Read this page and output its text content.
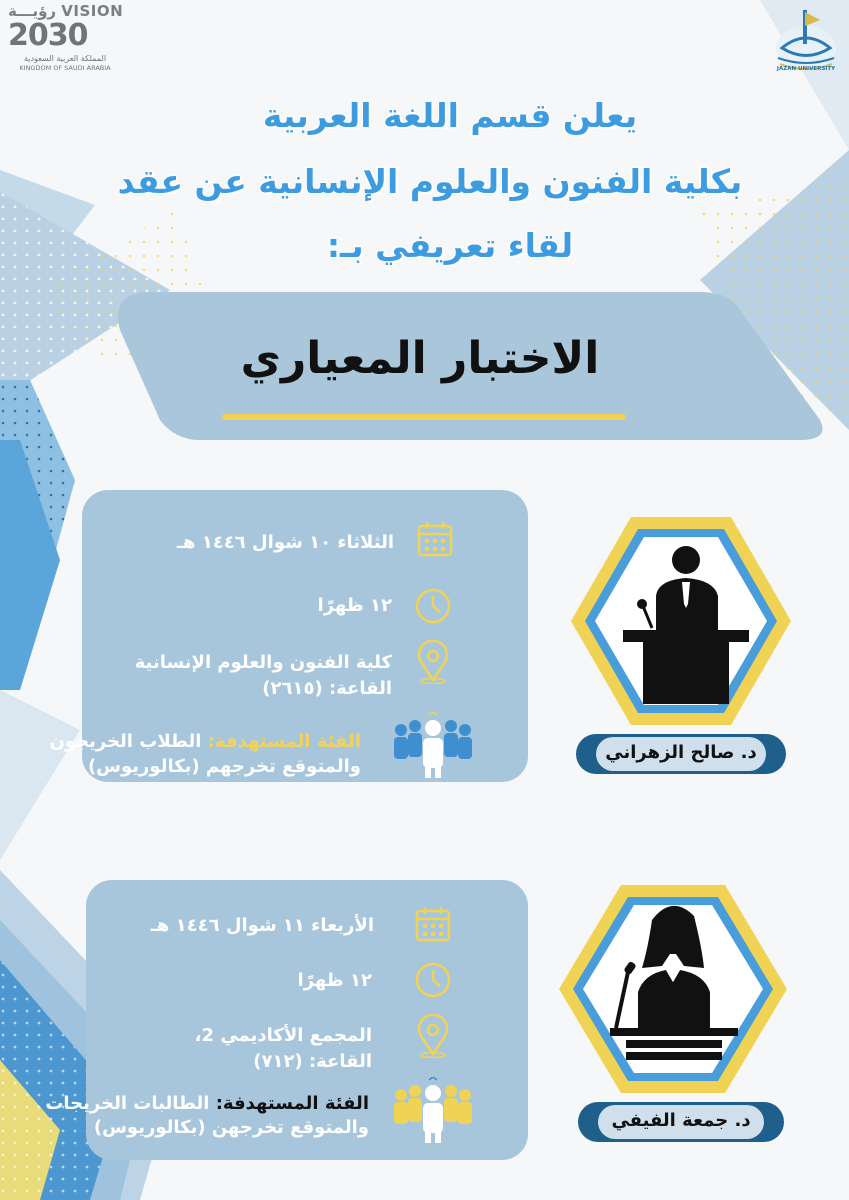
رؤيـــة VISION
2030
المملكة العربية السعودية
KINGDOM OF SAUDI ARABIA	JAZAN UNIVERSITY
يعلن قسم اللغة العربية
بكلية الفنون والعلوم الإنسانية عن عقد
لقاء تعريفي بـ:
الاختبار المعياري
الثلاثاء ١٠ شوال ١٤٤٦ هـ
١٢ ظهرًا
كلية الفنون والعلوم الإنسانية
القاعة: (٢٦١٥)
الفئة المستهدفة: الطلاب الخريجون
والمتوقع تخرجهم (بكالوريوس)
د. صالح الزهراني
الأربعاء ١١ شوال ١٤٤٦ هـ
١٢ ظهرًا
المجمع الأكاديمي 2،
القاعة: (٧١٢)
الفئة المستهدفة: الطالبات الخريجات
والمتوقع تخرجهن (بكالوريوس)	د. جمعة الفيفي
